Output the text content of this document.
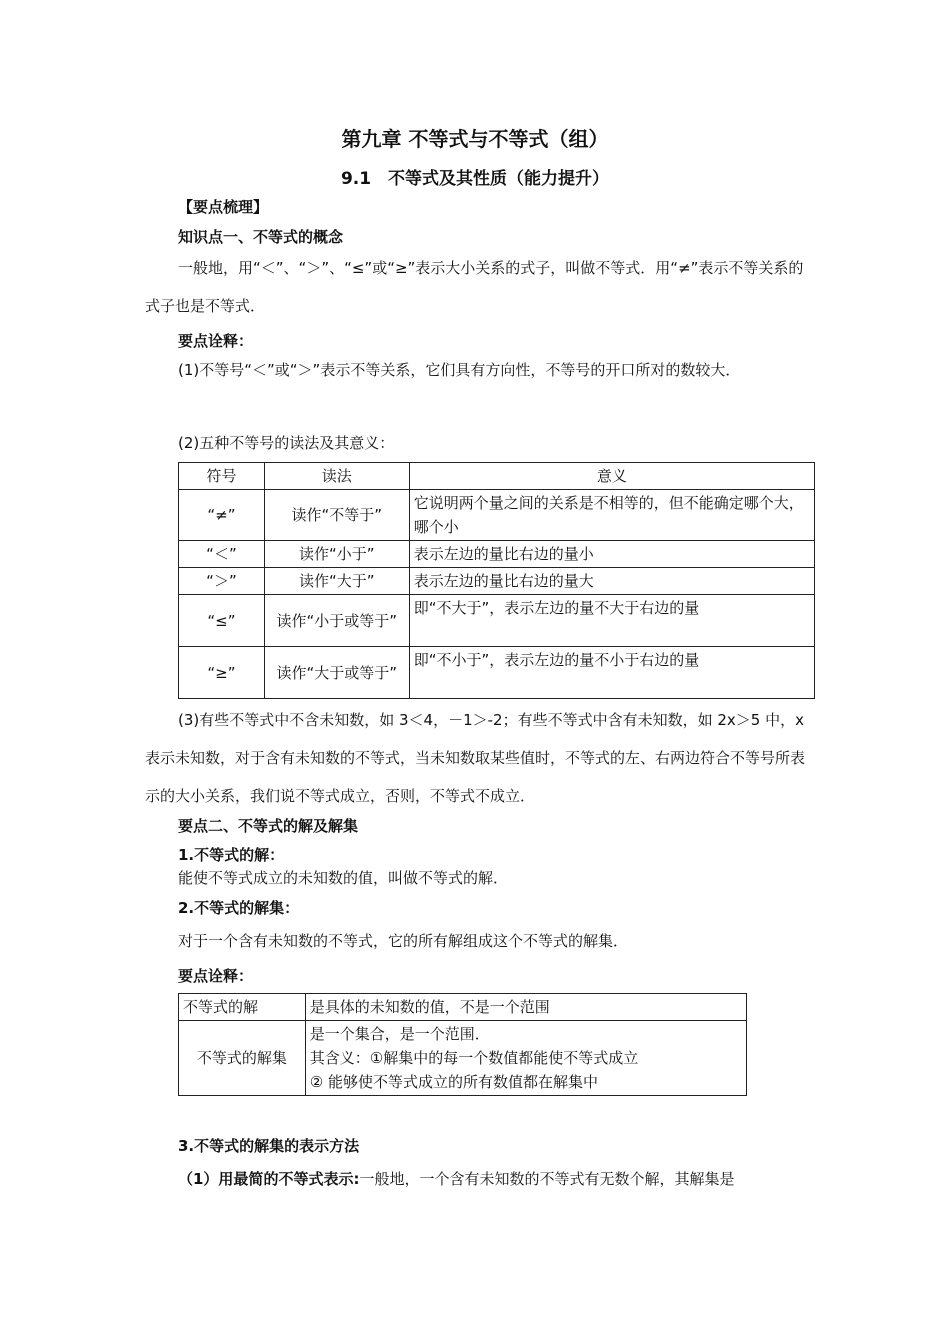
第九章 不等式与不等式（组）
9.1　不等式及其性质（能力提升）
【要点梳理】
知识点一、不等式的概念
一般地，用“＜”、“＞”、“≤”或“≥”表示大小关系的式子，叫做不等式．用“≠”表示不等关系的式子也是不等式．
要点诠释：
(1)不等号“＜”或“＞”表示不等关系，它们具有方向性，不等号的开口所对的数较大．
(2)五种不等号的读法及其意义：
符号	读法	意义
“≠”	读作“不等于”	它说明两个量之间的关系是不相等的，但不能确定哪个大，哪个小
“＜”	读作“小于”	表示左边的量比右边的量小
“＞”	读作“大于”	表示左边的量比右边的量大
“≤”	读作“小于或等于”	即“不大于”，表示左边的量不大于右边的量
“≥”	读作“大于或等于”	即“不小于”，表示左边的量不小于右边的量
(3)有些不等式中不含未知数，如 3＜4，－1＞-2；有些不等式中含有未知数，如 2x＞5 中，x 表示未知数，对于含有未知数的不等式，当未知数取某些值时，不等式的左、右两边符合不等号所表示的大小关系，我们说不等式成立，否则，不等式不成立．
要点二、不等式的解及解集
1.不等式的解：
能使不等式成立的未知数的值，叫做不等式的解．
2.不等式的解集：
对于一个含有未知数的不等式，它的所有解组成这个不等式的解集．
要点诠释：
不等式的解	是具体的未知数的值，不是一个范围
不等式的解集	是一个集合，是一个范围．
其含义：①解集中的每一个数值都能使不等式成立
② 能够使不等式成立的所有数值都在解集中
3.不等式的解集的表示方法
（1）用最简的不等式表示:一般地，一个含有未知数的不等式有无数个解，其解集是
